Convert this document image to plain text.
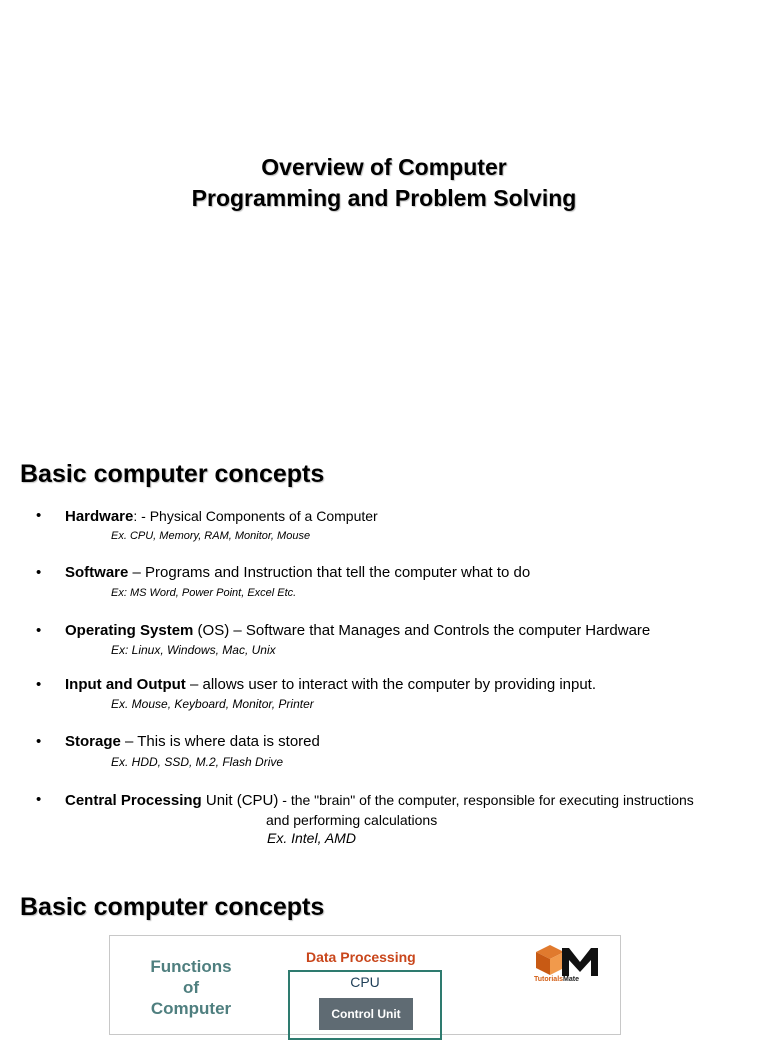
Overview of Computer
Programming and Problem Solving
Basic computer concepts
• Hardware: - Physical Components of a Computer
Ex. CPU, Memory, RAM, Monitor, Mouse
• Software – Programs and Instruction that tell the computer what to do
Ex: MS Word, Power Point, Excel Etc.
• Operating System (OS) – Software that Manages and Controls the computer Hardware
Ex: Linux, Windows, Mac, Unix
• Input and Output – allows user to interact with the computer by providing input.
Ex. Mouse, Keyboard, Monitor, Printer
• Storage – This is where data is stored
Ex. HDD, SSD, M.2, Flash Drive
• Central Processing Unit (CPU) - the "brain" of the computer, responsible for executing instructions
and performing calculations
Ex. Intel, AMD
Basic computer concepts
Functions
of
Computer
Data Processing
CPU
Control Unit
TutorialsMate
